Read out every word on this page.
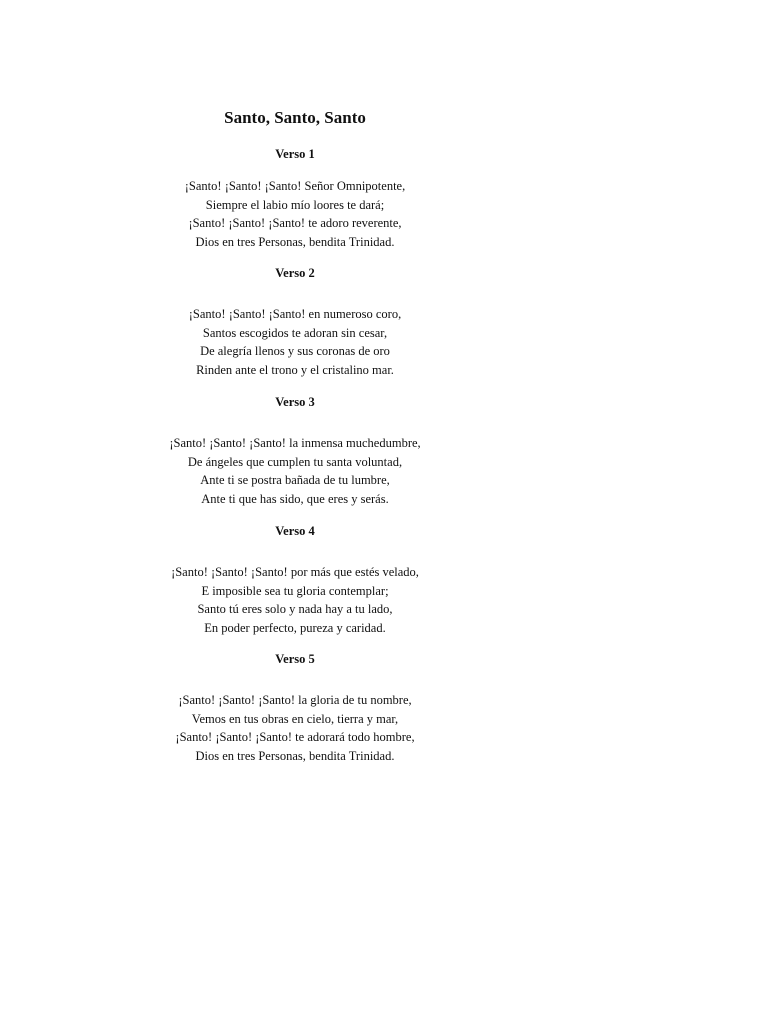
Santo, Santo, Santo
Verso 1
¡Santo! ¡Santo! ¡Santo! Señor Omnipotente,
Siempre el labio mío loores te dará;
¡Santo! ¡Santo! ¡Santo! te adoro reverente,
Dios en tres Personas, bendita Trinidad.
Verso 2
¡Santo! ¡Santo! ¡Santo! en numeroso coro,
Santos escogidos te adoran sin cesar,
De alegría llenos y sus coronas de oro
Rinden ante el trono y el cristalino mar.
Verso 3
¡Santo! ¡Santo! ¡Santo! la inmensa muchedumbre,
De ángeles que cumplen tu santa voluntad,
Ante ti se postra bañada de tu lumbre,
Ante ti que has sido, que eres y serás.
Verso 4
¡Santo! ¡Santo! ¡Santo! por más que estés velado,
E imposible sea tu gloria contemplar;
Santo tú eres solo y nada hay a tu lado,
En poder perfecto, pureza y caridad.
Verso 5
¡Santo! ¡Santo! ¡Santo! la gloria de tu nombre,
Vemos en tus obras en cielo, tierra y mar,
¡Santo! ¡Santo! ¡Santo! te adorará todo hombre,
Dios en tres Personas, bendita Trinidad.
